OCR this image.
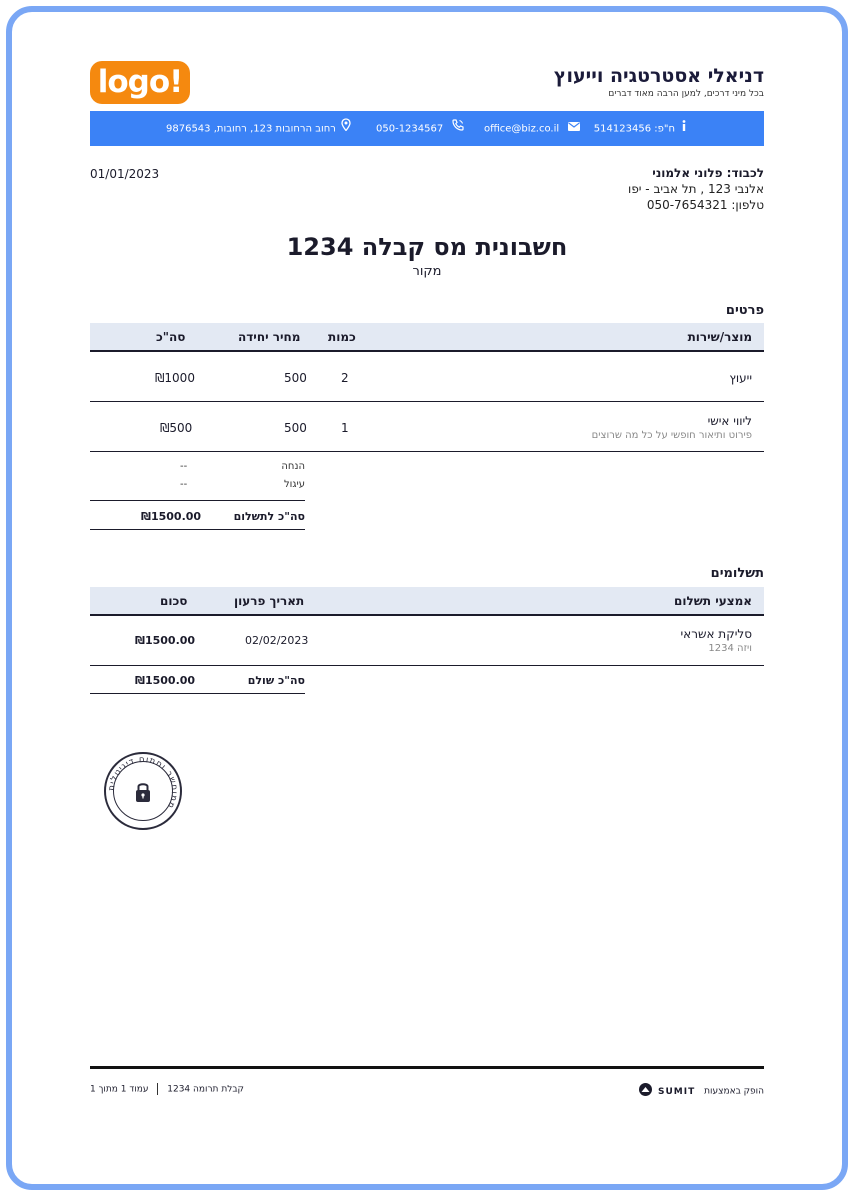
logo!	דניאלי אסטרטגיה וייעוץ
בכל מיני דרכים, למען הרבה מאוד דברים
ח"פ: 514123456
office@biz.co.il
050-1234567
רחוב הרחובות 123, רחובות, 9876543
לכבוד: פלוני אלמוני
אלנבי 123 , תל אביב - יפו
טלפון: 050-7654321
01/01/2023
חשבונית מס קבלה 1234
מקור
פרטים
מוצר/שירות
כמות
מחיר יחידה
סה"כ
ייעוץ
2
500
₪1000
ליווי אישי
פירוט ותיאור חופשי על כל מה שרוצים
1
500
₪500
הנחה
--
עיגול
--
סה"כ לתשלום
₪1500.00
תשלומים
אמצעי תשלום
תאריך פרעון
סכום
סליקת אשראי
ויזה 1234
02/02/2023
₪1500.00
סה"כ שולם
₪1500.00
ממוחשב וחתום דיגיטלית
הופק באמצעות SUMIT
קבלת תרומה 1234  עמוד 1 מתוך 1
